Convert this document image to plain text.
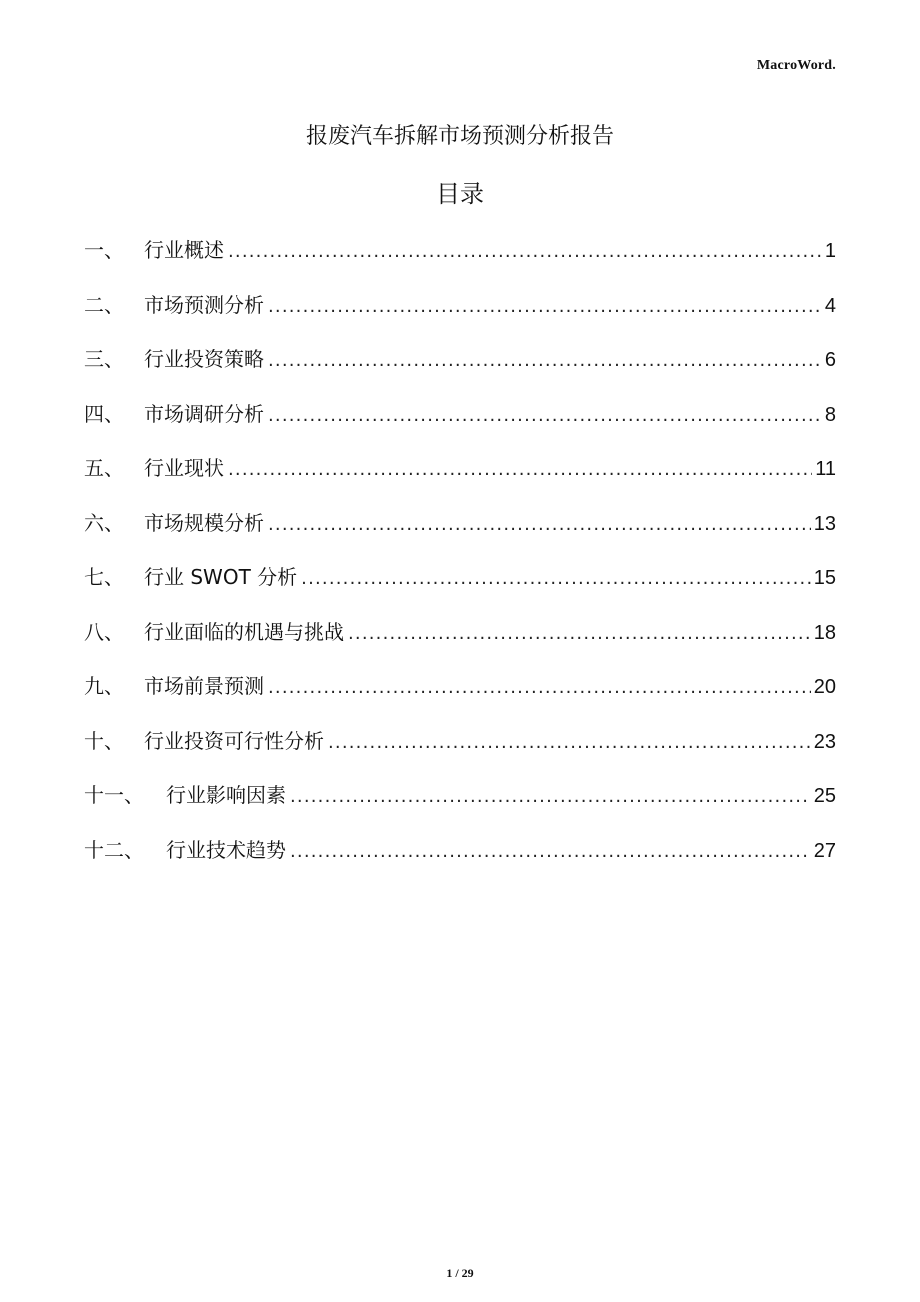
MacroWord.
报废汽车拆解市场预测分析报告
目录
一、	行业概述 .....	1
二、	市场预测分析 .....	4
三、	行业投资策略 .....	6
四、	市场调研分析 .....	8
五、	行业现状 .....	11
六、	市场规模分析 .....	13
七、	行业 SWOT 分析 .....	15
八、	行业面临的机遇与挑战 .....	18
九、	市场前景预测 .....	20
十、	行业投资可行性分析 .....	23
十一、	行业影响因素 .....	25
十二、	行业技术趋势 .....	27
1 / 29
